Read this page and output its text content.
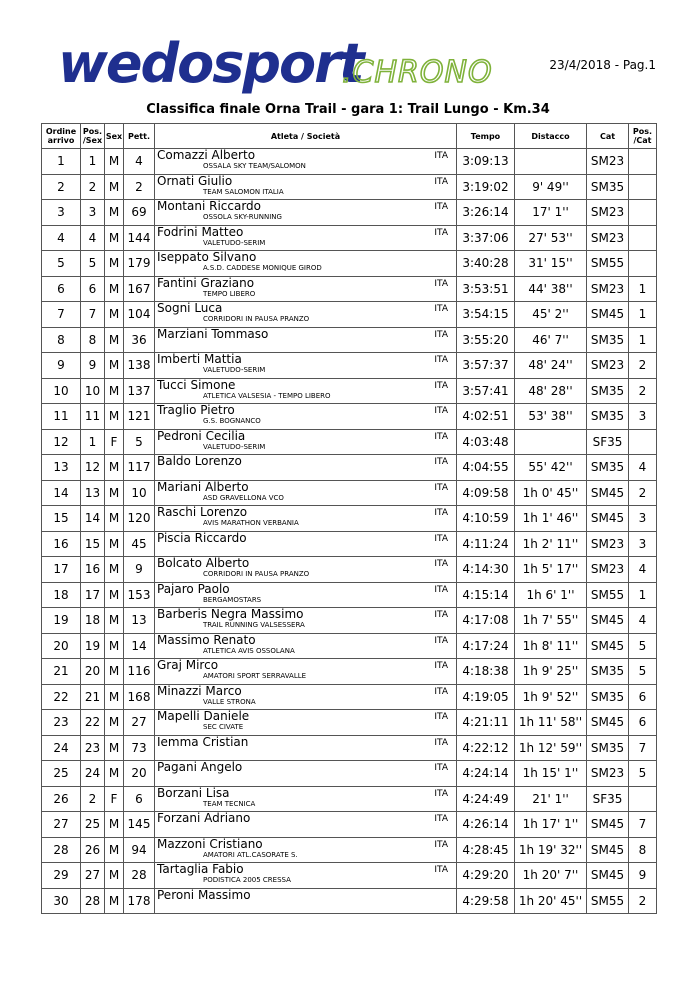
wedosport
.CHRONO	23/4/2018 - Pag.1
Classifica finale Orna Trail - gara 1: Trail Lungo - Km.34
Ordine
arrivo	Pos.
/Sex	Sex	Pett.	Atleta / Società	Tempo	Distacco	Cat	Pos.
/Cat
1	1	M	4	Comazzi Alberto ITA
OSSALA SKY TEAM/SALOMON	3:09:13		SM23	
2	2	M	2	Ornati Giulio ITA
TEAM SALOMON ITALIA	3:19:02	9' 49''	SM35	
3	3	M	69	Montani Riccardo ITA
OSSOLA SKY-RUNNING	3:26:14	17' 1''	SM23	
4	4	M	144	Fodrini Matteo ITA
VALETUDO-SERIM	3:37:06	27' 53''	SM23	
5	5	M	179	Iseppato Silvano
A.S.D. CADDESE MONIQUE GIROD	3:40:28	31' 15''	SM55	
6	6	M	167	Fantini Graziano ITA
TEMPO LIBERO	3:53:51	44' 38''	SM23	1
7	7	M	104	Sogni Luca ITA
CORRIDORI IN PAUSA PRANZO	3:54:15	45' 2''	SM45	1
8	8	M	36	Marziani Tommaso ITA	3:55:20	46' 7''	SM35	1
9	9	M	138	Imberti Mattia ITA
VALETUDO-SERIM	3:57:37	48' 24''	SM23	2
10	10	M	137	Tucci Simone ITA
ATLETICA VALSESIA - TEMPO LIBERO	3:57:41	48' 28''	SM35	2
11	11	M	121	Traglio Pietro ITA
G.S. BOGNANCO	4:02:51	53' 38''	SM35	3
12	1	F	5	Pedroni Cecilia ITA
VALETUDO-SERIM	4:03:48		SF35	
13	12	M	117	Baldo Lorenzo ITA	4:04:55	55' 42''	SM35	4
14	13	M	10	Mariani Alberto ITA
ASD GRAVELLONA VCO	4:09:58	1h 0' 45''	SM45	2
15	14	M	120	Raschi Lorenzo ITA
AVIS MARATHON VERBANIA	4:10:59	1h 1' 46''	SM45	3
16	15	M	45	Piscia Riccardo ITA	4:11:24	1h 2' 11''	SM23	3
17	16	M	9	Bolcato Alberto ITA
CORRIDORI IN PAUSA PRANZO	4:14:30	1h 5' 17''	SM23	4
18	17	M	153	Pajaro Paolo ITA
BERGAMOSTARS	4:15:14	1h 6' 1''	SM55	1
19	18	M	13	Barberis Negra Massimo ITA
TRAIL RUNNING VALSESSERA	4:17:08	1h 7' 55''	SM45	4
20	19	M	14	Massimo Renato ITA
ATLETICA AVIS OSSOLANA	4:17:24	1h 8' 11''	SM45	5
21	20	M	116	Graj Mirco ITA
AMATORI SPORT SERRAVALLE	4:18:38	1h 9' 25''	SM35	5
22	21	M	168	Minazzi Marco ITA
VALLE STRONA	4:19:05	1h 9' 52''	SM35	6
23	22	M	27	Mapelli Daniele ITA
SEC CIVATE	4:21:11	1h 11' 58''	SM45	6
24	23	M	73	Iemma Cristian ITA	4:22:12	1h 12' 59''	SM35	7
25	24	M	20	Pagani Angelo ITA	4:24:14	1h 15' 1''	SM23	5
26	2	F	6	Borzani Lisa ITA
TEAM TECNICA	4:24:49	21' 1''	SF35	
27	25	M	145	Forzani Adriano ITA	4:26:14	1h 17' 1''	SM45	7
28	26	M	94	Mazzoni Cristiano ITA
AMATORI ATL.CASORATE S.	4:28:45	1h 19' 32''	SM45	8
29	27	M	28	Tartaglia Fabio ITA
PODISTICA 2005 CRESSA	4:29:20	1h 20' 7''	SM45	9
30	28	M	178	Peroni Massimo	4:29:58	1h 20' 45''	SM55	2
